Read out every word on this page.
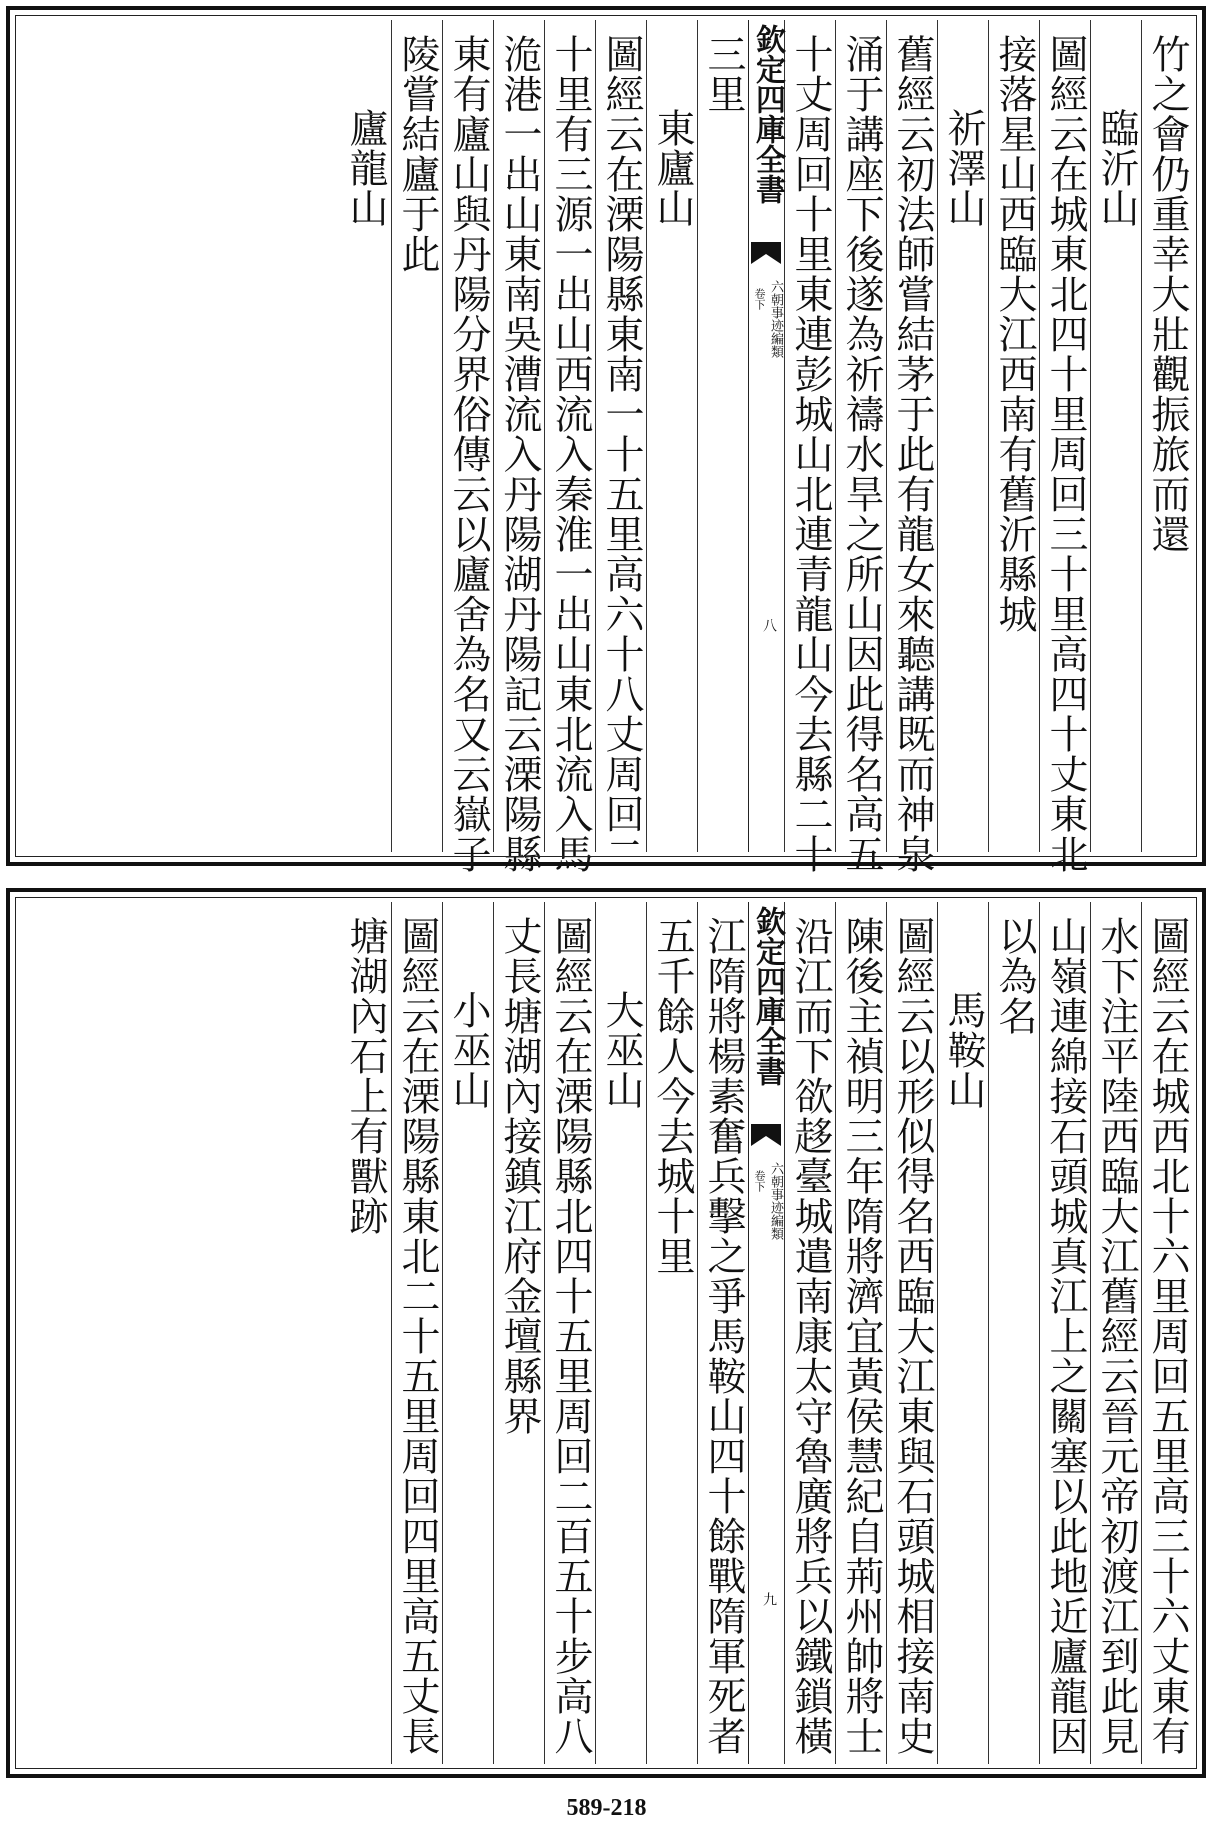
竹之會仍重幸大壯觀振旅而還
臨沂山
圖經云在城東北四十里周回三十里高四十丈東北
接落星山西臨大江西南有舊沂縣城
祈澤山
舊經云初法師嘗結茅于此有龍女來聽講既而神泉
涌于講座下後遂為祈禱水旱之所山因此得名高五
十丈周回十里東連彭城山北連青龍山今去縣二十
欽定四庫全書
六朝事迹編類
卷下
八
三里
東廬山
圖經云在溧陽縣東南一十五里高六十八丈周回二
十里有三源一出山西流入秦淮一出山東北流入馬
洈港一出山東南吳漕流入丹陽湖丹陽記云溧陽縣
東有廬山與丹陽分界俗傳云以廬舍為名又云嶽子
陵嘗結廬于此
廬龍山
圖經云在城西北十六里周回五里高三十六丈東有
水下注平陸西臨大江舊經云晉元帝初渡江到此見
山嶺連綿接石頭城真江上之關塞以此地近廬龍因
以為名
馬鞍山
圖經云以形似得名西臨大江東與石頭城相接南史
陳後主禎明三年隋將濟宜黃侯慧紀自荊州帥將士
沿江而下欲趍臺城遣南康太守魯廣將兵以鐵鎖橫
欽定四庫全書
六朝事迹編類
卷下
九
江隋將楊素奮兵擊之爭馬鞍山四十餘戰隋軍死者
五千餘人今去城十里
大巫山
圖經云在溧陽縣北四十五里周回二百五十步高八
丈長塘湖內接鎮江府金壇縣界
小巫山
圖經云在溧陽縣東北二十五里周回四里高五丈長
塘湖內石上有獸跡
589-218
